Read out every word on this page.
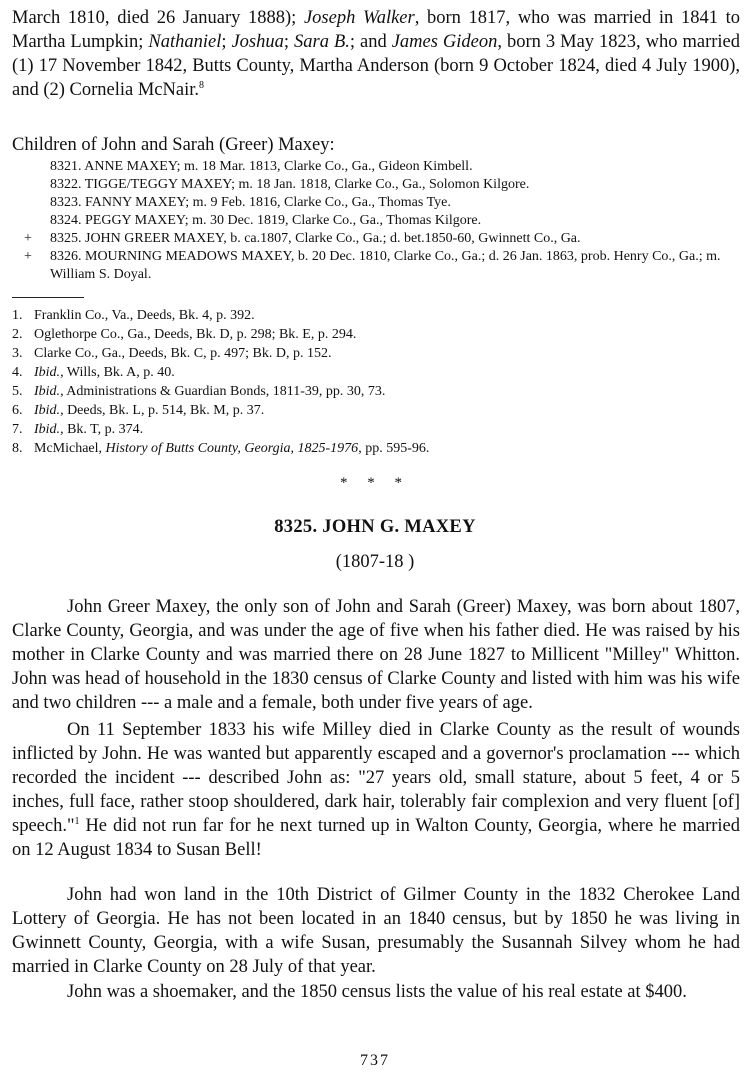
March 1810, died 26 January 1888); Joseph Walker, born 1817, who was married in 1841 to Martha Lumpkin; Nathaniel; Joshua; Sara B.; and James Gideon, born 3 May 1823, who married (1) 17 November 1842, Butts County, Martha Anderson (born 9 October 1824, died 4 July 1900), and (2) Cornelia McNair.$^8$

Children of John and Sarah (Greer) Maxey:

8321. ANNE MAXEY; m. 18 Mar. 1813, Clarke Co., Ga., Gideon Kimbell.
8322. TIGGE/TEGGY MAXEY; m. 18 Jan. 1818, Clarke Co., Ga., Solomon Kilgore.
8323. FANNY MAXEY; m. 9 Feb. 1816, Clarke Co., Ga., Thomas Tye.
8324. PEGGY MAXEY; m. 30 Dec. 1819, Clarke Co., Ga., Thomas Kilgore.
+	8325. JOHN GREER MAXEY, b. ca.1807, Clarke Co., Ga.; d. bet.1850-60, Gwinnett Co., Ga.
+	8326. MOURNING MEADOWS MAXEY, b. 20 Dec. 1810, Clarke Co., Ga.; d. 26 Jan. 1863, prob. Henry Co., Ga.; m. William S. Doyal.
1. Franklin Co., Va., Deeds, Bk. 4, p. 392.
2. Oglethorpe Co., Ga., Deeds, Bk. D, p. 298; Bk. E, p. 294.
3. Clarke Co., Ga., Deeds, Bk. C, p. 497; Bk. D, p. 152.
4. Ibid., Wills, Bk. A, p. 40.
5. Ibid., Administrations & Guardian Bonds, 1811-39, pp. 30, 73.
6. Ibid., Deeds, Bk. L, p. 514, Bk. M, p. 37.
7. Ibid., Bk. T, p. 374.
8. McMichael, History of Butts County, Georgia, 1825-1976, pp. 595-96.
* * *
8325. JOHN G. MAXEY

(1807-18 )

John Greer Maxey, the only son of John and Sarah (Greer) Maxey, was born about 1807, Clarke County, Georgia, and was under the age of five when his father died. He was raised by his mother in Clarke County and was married there on 28 June 1827 to Millicent "Milley" Whitton. John was head of household in the 1830 census of Clarke County and listed with him was his wife and two children --- a male and a female, both under five years of age.

On 11 September 1833 his wife Milley died in Clarke County as the result of wounds inflicted by John. He was wanted but apparently escaped and a governor's proclamation --- which recorded the incident --- described John as: "27 years old, small stature, about 5 feet, 4 or 5 inches, full face, rather stoop shouldered, dark hair, tolerably fair complexion and very fluent [of] speech."$^1$ He did not run far for he next turned up in Walton County, Georgia, where he married on 12 August 1834 to Susan Bell!

John had won land in the 10th District of Gilmer County in the 1832 Cherokee Land Lottery of Georgia. He has not been located in an 1840 census, but by 1850 he was living in Gwinnett County, Georgia, with a wife Susan, presumably the Susannah Silvey whom he had married in Clarke County on 28 July of that year.

John was a shoemaker, and the 1850 census lists the value of his real estate at $400.

737
